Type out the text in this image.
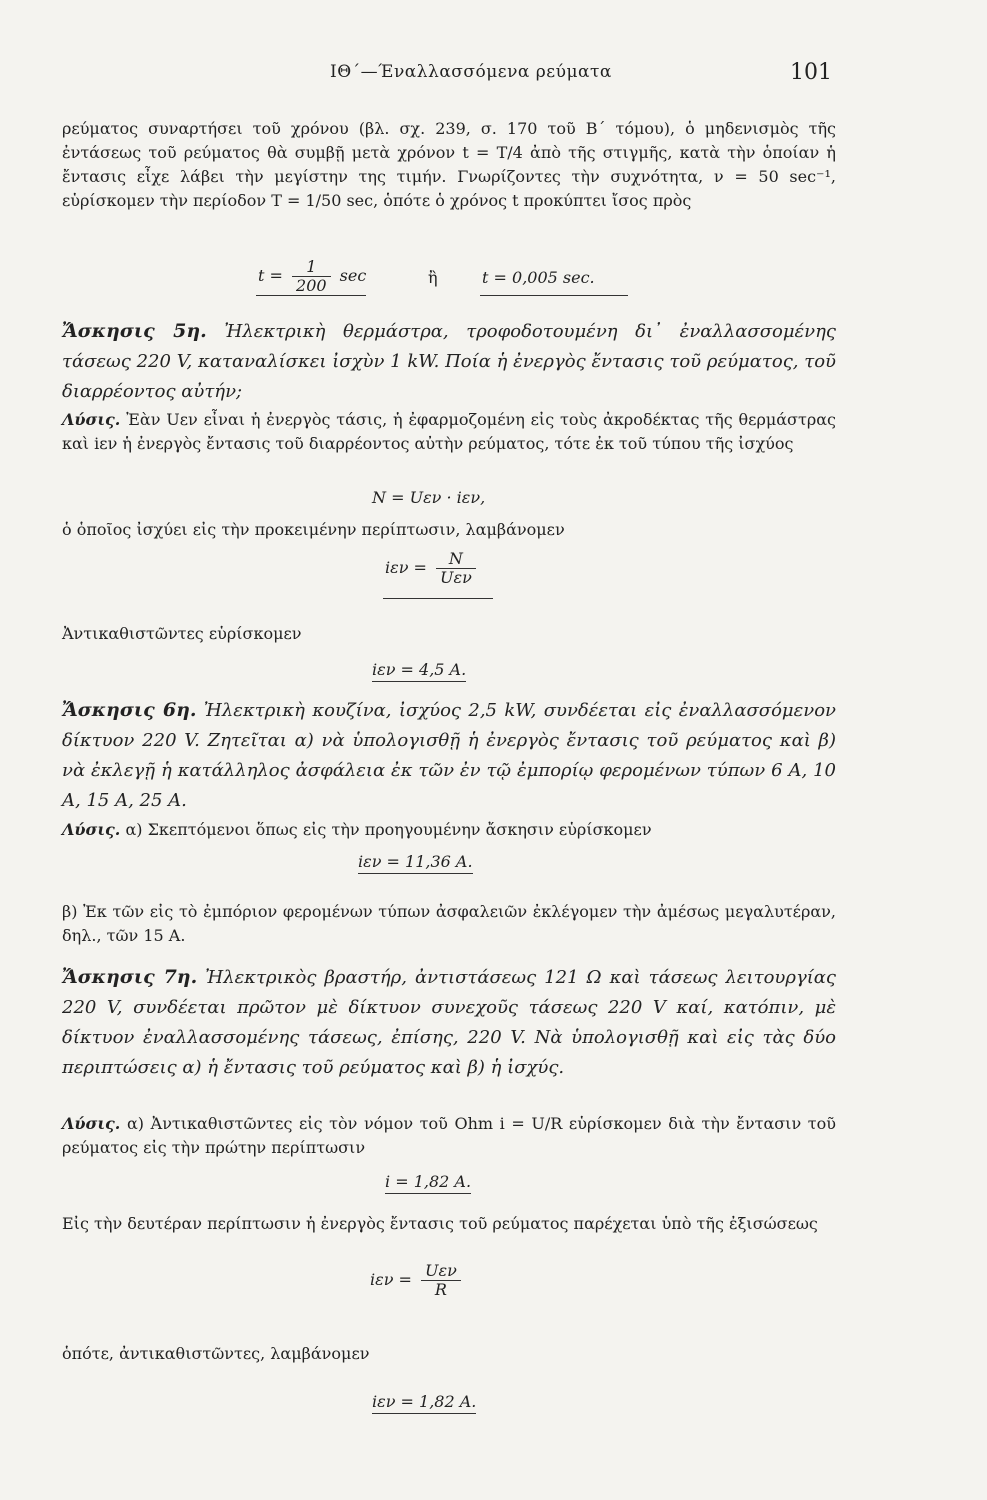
ΙΘ΄—Έναλλασσόμενα ρεύματα	101

ρεύματος συναρτήσει τοῦ χρόνου (βλ. σχ. 239, σ. 170 τοῦ Β΄ τόμου), ὁ μηδενισμὸς τῆς ἐντάσεως τοῦ ρεύματος θὰ συμβῇ μετὰ χρόνον t = T/4 ἀπὸ τῆς στιγμῆς, κατὰ τὴν ὁποίαν ἡ ἔντασις εἶχε λάβει τὴν μεγίστην της τιμήν. Γνωρίζοντες τὴν συχνότητα, ν = 50 sec⁻¹, εὑρίσκομεν τὴν περίοδον T = 1/50 sec, ὁπότε ὁ χρόνος t προκύπτει ἴσος πρὸς

$t = \frac{1}{200}$ sec	ἢ	t = 0,005 sec.

Ἄσκησις 5η. Ἠλεκτρικὴ θερμάστρα, τροφοδοτουμένη δι᾽ ἐναλλασσομένης τάσεως 220 V, καταναλίσκει ἰσχὺν 1 kW. Ποία ἡ ἐνεργὸς ἔντασις τοῦ ρεύματος, τοῦ διαρρέοντος αὐτήν;

Λύσις. Ἐὰν Uεν εἶναι ἡ ἐνεργὸς τάσις, ἡ ἐφαρμοζομένη εἰς τοὺς ἀκροδέκτας τῆς θερμάστρας καὶ iεν ἡ ἐνεργὸς ἔντασις τοῦ διαρρέοντος αὐτὴν ρεύματος, τότε ἐκ τοῦ τύπου τῆς ἰσχύος

N = Uεν · iεν,

ὁ ὁποῖος ἰσχύει εἰς τὴν προκειμένην περίπτωσιν, λαμβάνομεν

$i\varepsilon\nu = \frac{N}{\text{Uεν}}$

Ἀντικαθιστῶντες εὑρίσκομεν

iεν = 4,5 A.

Ἄσκησις 6η. Ἠλεκτρικὴ κουζίνα, ἰσχύος 2,5 kW, συνδέεται εἰς ἐναλλασσόμενον δίκτυον 220 V. Ζητεῖται α) νὰ ὑπολογισθῇ ἡ ἐνεργὸς ἔντασις τοῦ ρεύματος καὶ β) νὰ ἐκλεγῇ ἡ κατάλληλος ἀσφάλεια ἐκ τῶν ἐν τῷ ἐμπορίῳ φερομένων τύπων 6 A, 10 A, 15 A, 25 A.

Λύσις. α) Σκεπτόμενοι ὅπως εἰς τὴν προηγουμένην ἄσκησιν εὑρίσκομεν

iεν = 11,36 A.

β) Ἐκ τῶν εἰς τὸ ἐμπόριον φερομένων τύπων ἀσφαλειῶν ἐκλέγομεν τὴν ἀμέσως μεγαλυτέραν, δηλ., τῶν 15 A.

Ἄσκησις 7η. Ἠλεκτρικὸς βραστήρ, ἀντιστάσεως 121 Ω καὶ τάσεως λειτουργίας 220 V, συνδέεται πρῶτον μὲ δίκτυον συνεχοῦς τάσεως 220 V καί, κατόπιν, μὲ δίκτυον ἐναλλασσομένης τάσεως, ἐπίσης, 220 V. Νὰ ὑπολογισθῇ καὶ εἰς τὰς δύο περιπτώσεις α) ἡ ἔντασις τοῦ ρεύματος καὶ β) ἡ ἰσχύς.

Λύσις. α) Ἀντικαθιστῶντες εἰς τὸν νόμον τοῦ Ohm i = U/R εὑρίσκομεν διὰ τὴν ἔντασιν τοῦ ρεύματος εἰς τὴν πρώτην περίπτωσιν

i = 1,82 A.

Εἰς τὴν δευτέραν περίπτωσιν ἡ ἐνεργὸς ἔντασις τοῦ ρεύματος παρέχεται ὑπὸ τῆς ἐξισώσεως

$i\varepsilon\nu = \frac{\text{Uεν}}{R}$

ὁπότε, ἀντικαθιστῶντες, λαμβάνομεν

iεν = 1,82 A.
